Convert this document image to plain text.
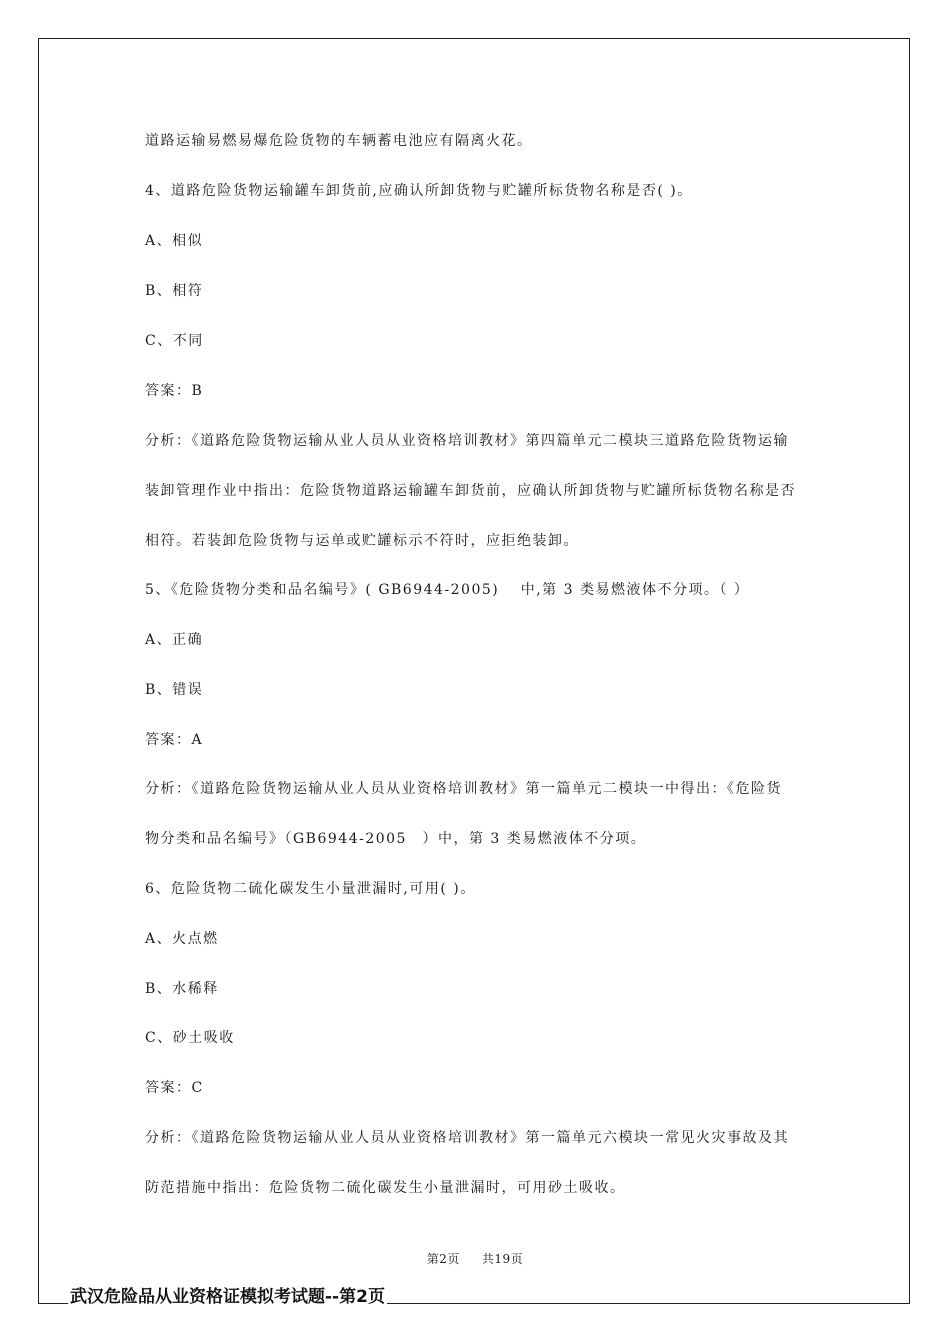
道路运输易燃易爆危险货物的车辆蓄电池应有隔离火花。
4、道路危险货物运输罐车卸货前,应确认所卸货物与贮罐所标货物名称是否( )。
A、相似
B、相符
C、不同
答案：B
分析：《道路危险货物运输从业人员从业资格培训教材》第四篇单元二模块三道路危险货物运输
装卸管理作业中指出：危险货物道路运输罐车卸货前，应确认所卸货物与贮罐所标货物名称是否
相符。若装卸危险货物与运单或贮罐标示不符时，应拒绝装卸。
5、《危险货物分类和品名编号》( GB6944-2005)　 中,第 3 类易燃液体不分项。（ ）
A、正确
B、错误
答案：A
分析：《道路危险货物运输从业人员从业资格培训教材》第一篇单元二模块一中得出：《危险货
物分类和品名编号》（GB6944-2005　）中，第 3 类易燃液体不分项。
6、危险货物二硫化碳发生小量泄漏时,可用( )。
A、火点燃
B、水稀释
C、砂土吸收
答案：C
分析：《道路危险货物运输从业人员从业资格培训教材》第一篇单元六模块一常见火灾事故及其
防范措施中指出：危险货物二硫化碳发生小量泄漏时，可用砂土吸收。
第2页 共19页
武汉危险品从业资格证模拟考试题--第2页
